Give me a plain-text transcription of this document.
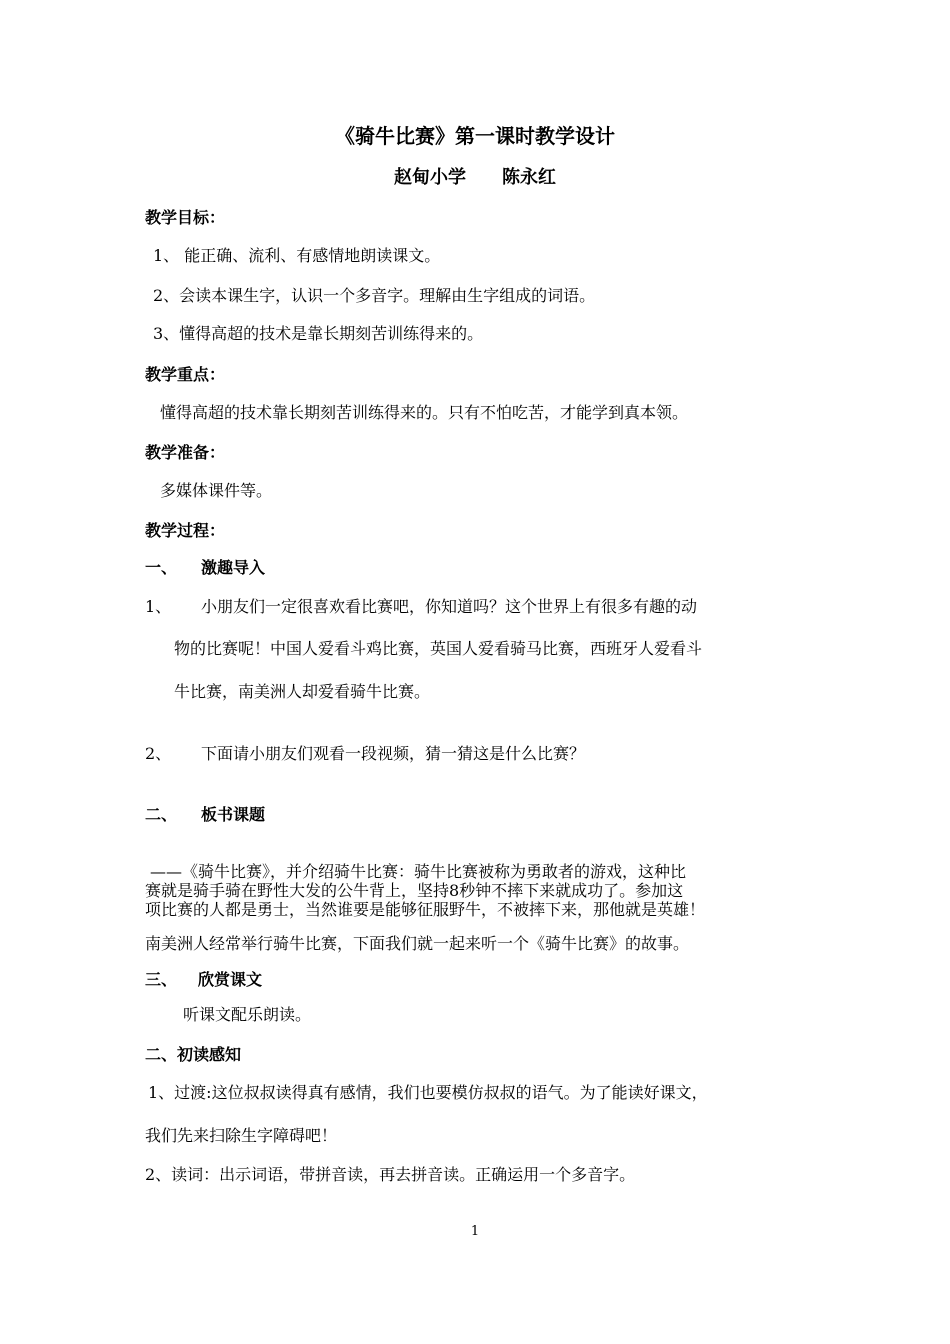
《骑牛比赛》第一课时教学设计
赵甸小学 陈永红
教学目标：
1、 能正确、流利、有感情地朗读课文。
2、会读本课生字，认识一个多音字。理解由生字组成的词语。
3、懂得高超的技术是靠长期刻苦训练得来的。
教学重点：
懂得高超的技术靠长期刻苦训练得来的。只有不怕吃苦，才能学到真本领。
教学准备：
多媒体课件等。
教学过程：
一、 激趣导入
1、 小朋友们一定很喜欢看比赛吧，你知道吗？这个世界上有很多有趣的动
物的比赛呢！中国人爱看斗鸡比赛，英国人爱看骑马比赛，西班牙人爱看斗
牛比赛，南美洲人却爱看骑牛比赛。
2、 下面请小朋友们观看一段视频，猜一猜这是什么比赛？
二、 板书课题
——《骑牛比赛》，并介绍骑牛比赛：骑牛比赛被称为勇敢者的游戏，这种比
赛就是骑手骑在野性大发的公牛背上，坚持8秒钟不摔下来就成功了。参加这
项比赛的人都是勇士，当然谁要是能够征服野牛，不被摔下来，那他就是英雄！
南美洲人经常举行骑牛比赛，下面我们就一起来听一个《骑牛比赛》的故事。
三、 欣赏课文
听课文配乐朗读。
二、初读感知
1、过渡:这位叔叔读得真有感情，我们也要模仿叔叔的语气。为了能读好课文，
我们先来扫除生字障碍吧！
2、读词：出示词语，带拼音读，再去拼音读。正确运用一个多音字。
1
